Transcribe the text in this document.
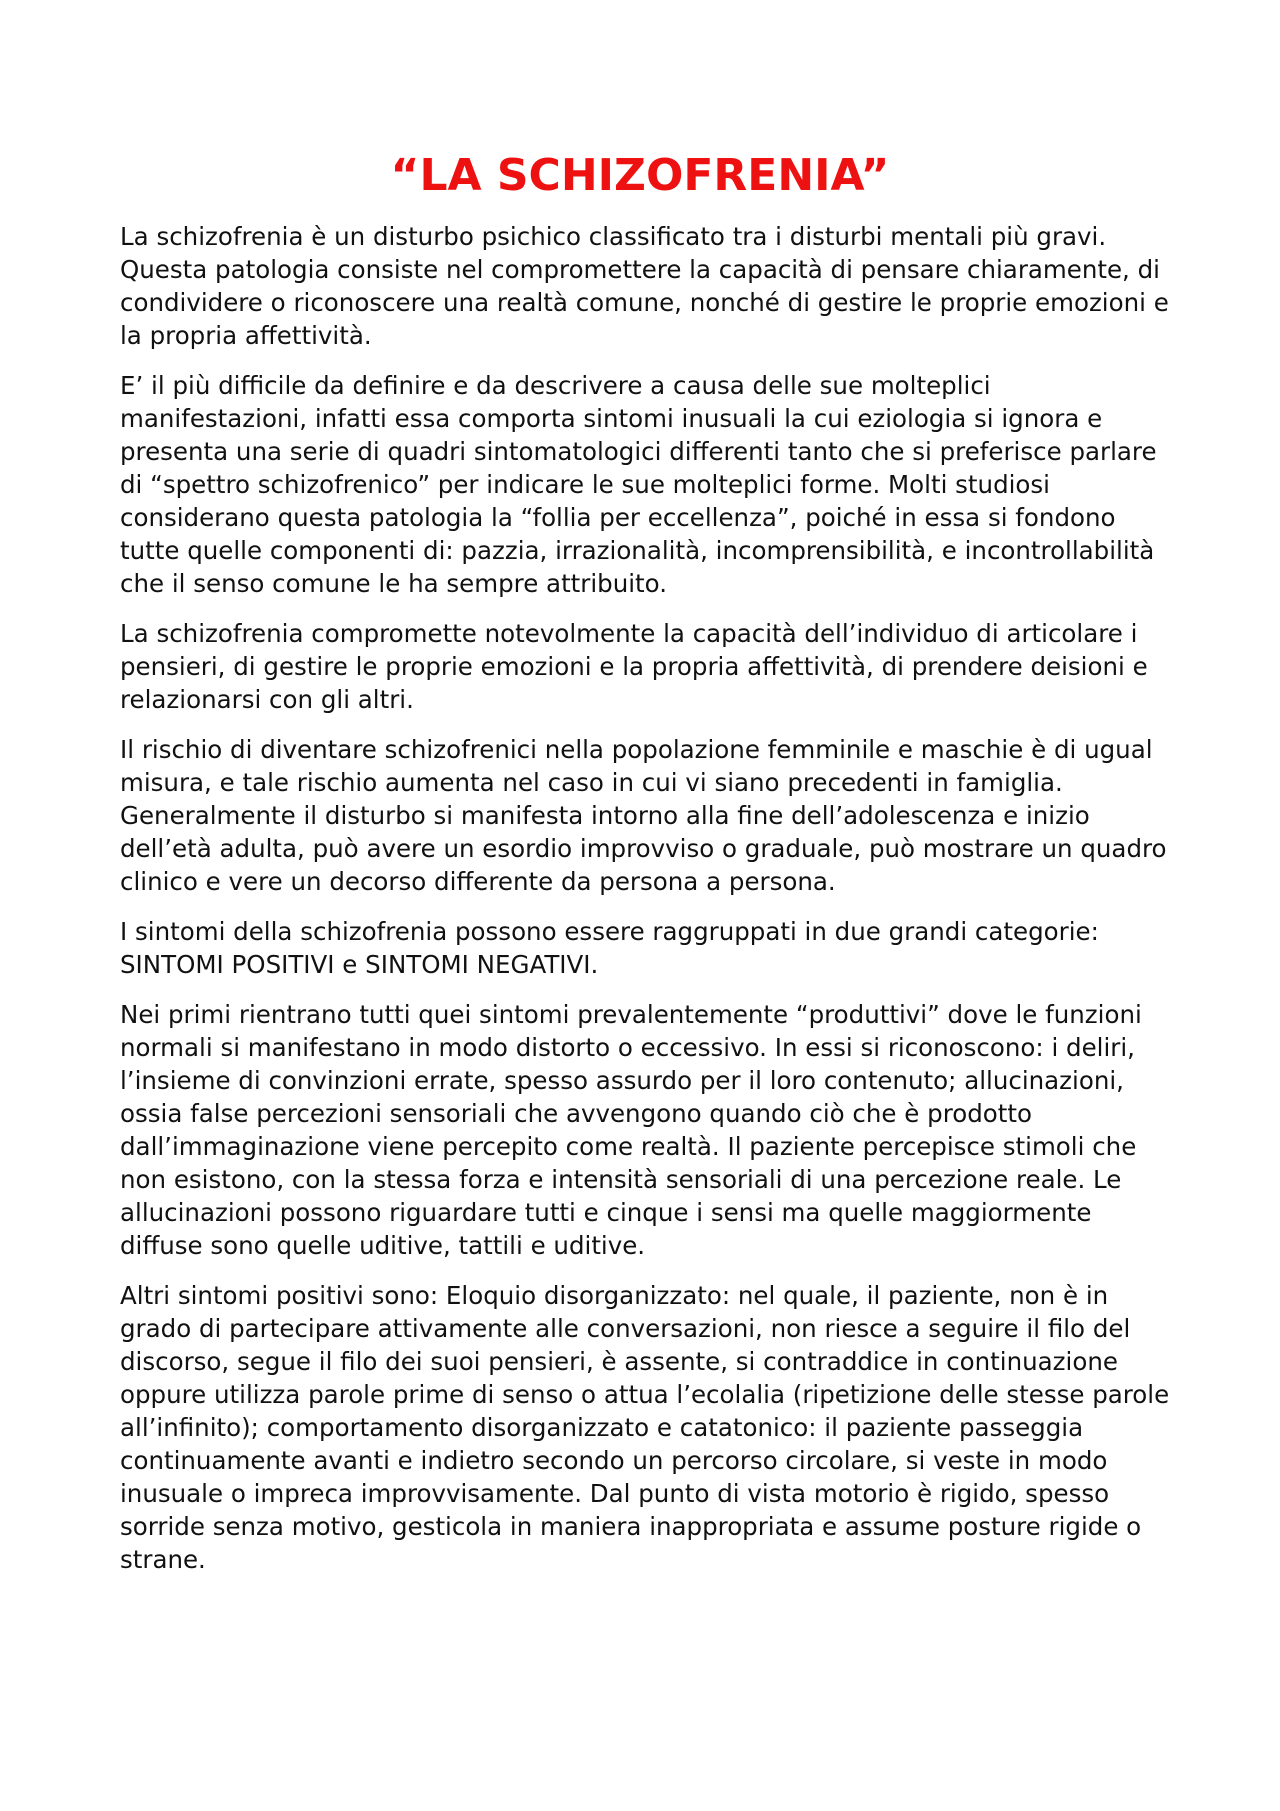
“LA SCHIZOFRENIA”

La schizofrenia è un disturbo psichico classificato tra i disturbi mentali più gravi. Questa patologia consiste nel compromettere la capacità di pensare chiaramente, di condividere o riconoscere una realtà comune, nonché di gestire le proprie emozioni e la propria affettività.

E’ il più difficile da definire e da descrivere a causa delle sue molteplici manifestazioni, infatti essa comporta sintomi inusuali la cui eziologia si ignora e presenta una serie di quadri sintomatologici differenti tanto che si preferisce parlare di “spettro schizofrenico” per indicare le sue molteplici forme. Molti studiosi considerano questa patologia la “follia per eccellenza”, poiché in essa si fondono tutte quelle componenti di: pazzia, irrazionalità, incomprensibilità, e incontrollabilità che il senso comune le ha sempre attribuito.

La schizofrenia compromette notevolmente la capacità dell’individuo di articolare i pensieri, di gestire le proprie emozioni e la propria affettività, di prendere deisioni e relazionarsi con gli altri.

Il rischio di diventare schizofrenici nella popolazione femminile e maschie è di ugual misura, e tale rischio aumenta nel caso in cui vi siano precedenti in famiglia. Generalmente il disturbo si manifesta intorno alla fine dell’adolescenza e inizio dell’età adulta, può avere un esordio improvviso o graduale, può mostrare un quadro clinico e vere un decorso differente da persona a persona.

I sintomi della schizofrenia possono essere raggruppati in due grandi categorie: SINTOMI POSITIVI e SINTOMI NEGATIVI.

Nei primi rientrano tutti quei sintomi prevalentemente “produttivi” dove le funzioni normali si manifestano in modo distorto o eccessivo. In essi si riconoscono: i deliri, l’insieme di convinzioni errate, spesso assurdo per il loro contenuto; allucinazioni, ossia false percezioni sensoriali che avvengono quando ciò che è prodotto dall’immaginazione viene percepito come realtà. Il paziente percepisce stimoli che non esistono, con la stessa forza e intensità sensoriali di una percezione reale. Le allucinazioni possono riguardare tutti e cinque i sensi ma quelle maggiormente diffuse sono quelle uditive, tattili e uditive.

Altri sintomi positivi sono: Eloquio disorganizzato: nel quale, il paziente, non è in grado di partecipare attivamente alle conversazioni, non riesce a seguire il filo del discorso, segue il filo dei suoi pensieri, è assente, si contraddice in continuazione oppure utilizza parole prime di senso o attua l’ecolalia (ripetizione delle stesse parole all’infinito); comportamento disorganizzato e catatonico: il paziente passeggia continuamente avanti e indietro secondo un percorso circolare, si veste in modo inusuale o impreca improvvisamente. Dal punto di vista motorio è rigido, spesso sorride senza motivo, gesticola in maniera inappropriata e assume posture rigide o strane.
